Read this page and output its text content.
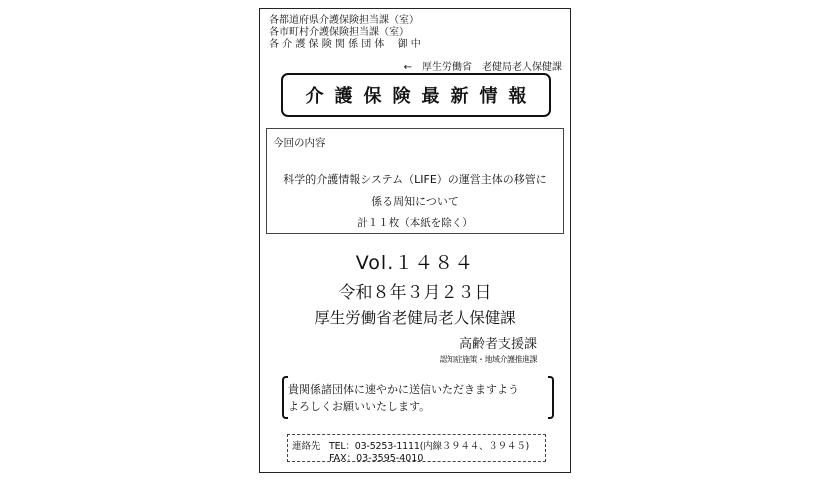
各都道府県介護保険担当課（室）
各市町村介護保険担当課（室）
各 介 護 保 険 関 係 団 体　 御 中
←　厚生労働省　老健局老人保健課
介護保険最新情報
今回の内容
科学的介護情報システム（LIFE）の運営主体の移管に
係る周知について
計１１枚（本紙を除く）
Vol.１４８４
令和８年３月２３日
厚生労働省老健局老人保健課
高齢者支援課
認知症施策・地域介護推進課
貴関係諸団体に速やかに送信いただきますよう
よろしくお願いいたします。
連絡先 TEL：03-5253-1111(内線３９４４、３９４５)
FAX：03-3595-4010
